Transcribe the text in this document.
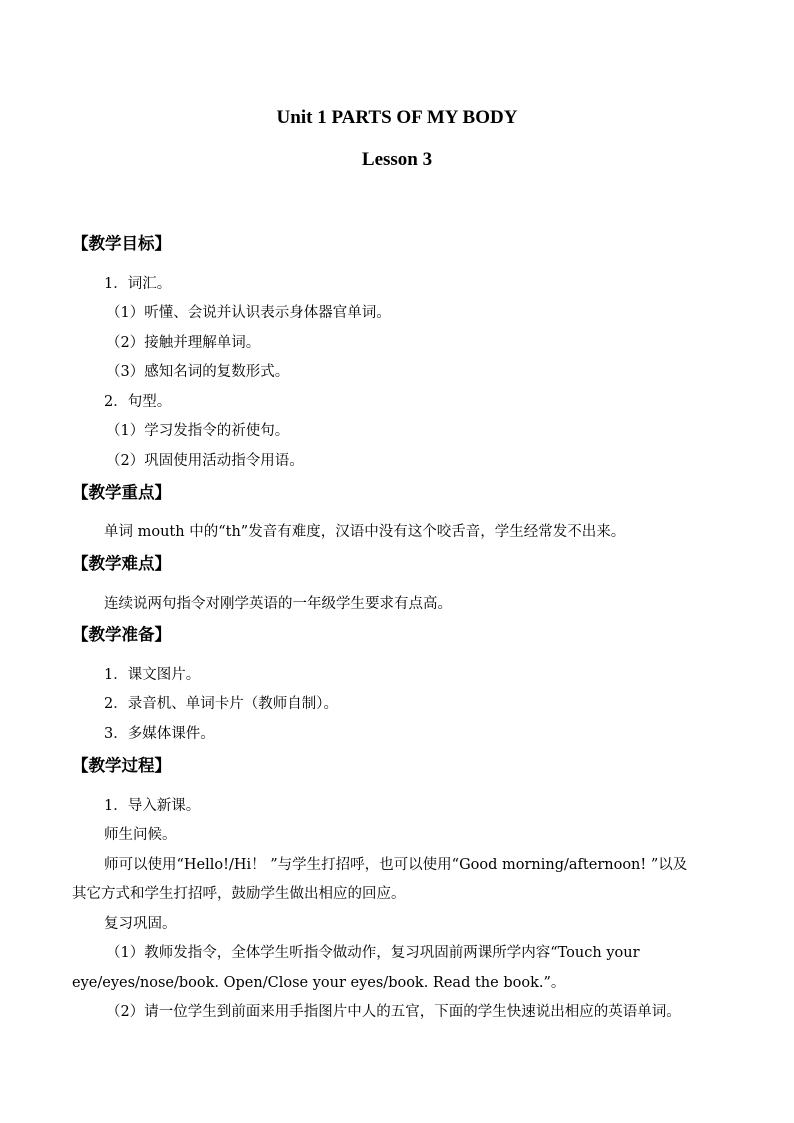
Unit 1 PARTS OF MY BODY
Lesson 3
【教学目标】
1．词汇。
（1）听懂、会说并认识表示身体器官单词。
（2）接触并理解单词。
（3）感知名词的复数形式。
2．句型。
（1）学习发指令的祈使句。
（2）巩固使用活动指令用语。
【教学重点】
单词 mouth 中的“th”发音有难度，汉语中没有这个咬舌音，学生经常发不出来。
【教学难点】
连续说两句指令对刚学英语的一年级学生要求有点高。
【教学准备】
1．课文图片。
2．录音机、单词卡片（教师自制）。
3．多媒体课件。
【教学过程】
1．导入新课。
师生问候。
师可以使用“Hello!/Hi！ ”与学生打招呼，也可以使用“Good morning/afternoon! ”以及
其它方式和学生打招呼，鼓励学生做出相应的回应。
复习巩固。
（1）教师发指令，全体学生听指令做动作，复习巩固前两课所学内容“Touch your
eye/eyes/nose/book. Open/Close your eyes/book. Read the book.”。
（2）请一位学生到前面来用手指图片中人的五官，下面的学生快速说出相应的英语单词。
